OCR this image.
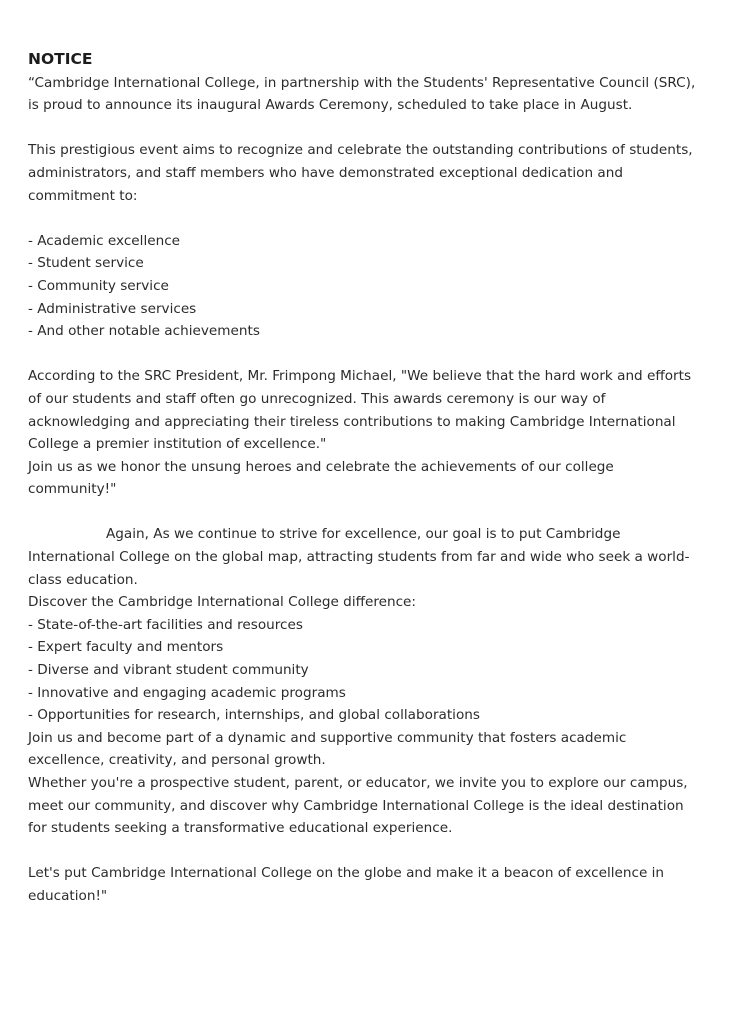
NOTICE

“Cambridge International College, in partnership with the Students' Representative Council (SRC), is proud to announce its inaugural Awards Ceremony, scheduled to take place in August.

This prestigious event aims to recognize and celebrate the outstanding contributions of students, administrators, and staff members who have demonstrated exceptional dedication and commitment to:

- Academic excellence
- Student service
- Community service
- Administrative services
- And other notable achievements

According to the SRC President, Mr. Frimpong Michael, "We believe that the hard work and efforts of our students and staff often go unrecognized. This awards ceremony is our way of acknowledging and appreciating their tireless contributions to making Cambridge International College a premier institution of excellence."

Join us as we honor the unsung heroes and celebrate the achievements of our college community!"

Again, As we continue to strive for excellence, our goal is to put Cambridge International College on the global map, attracting students from far and wide who seek a world-class education.

Discover the Cambridge International College difference:

- State-of-the-art facilities and resources
- Expert faculty and mentors
- Diverse and vibrant student community
- Innovative and engaging academic programs
- Opportunities for research, internships, and global collaborations

Join us and become part of a dynamic and supportive community that fosters academic excellence, creativity, and personal growth.

Whether you're a prospective student, parent, or educator, we invite you to explore our campus, meet our community, and discover why Cambridge International College is the ideal destination for students seeking a transformative educational experience.

Let's put Cambridge International College on the globe and make it a beacon of excellence in education!"
